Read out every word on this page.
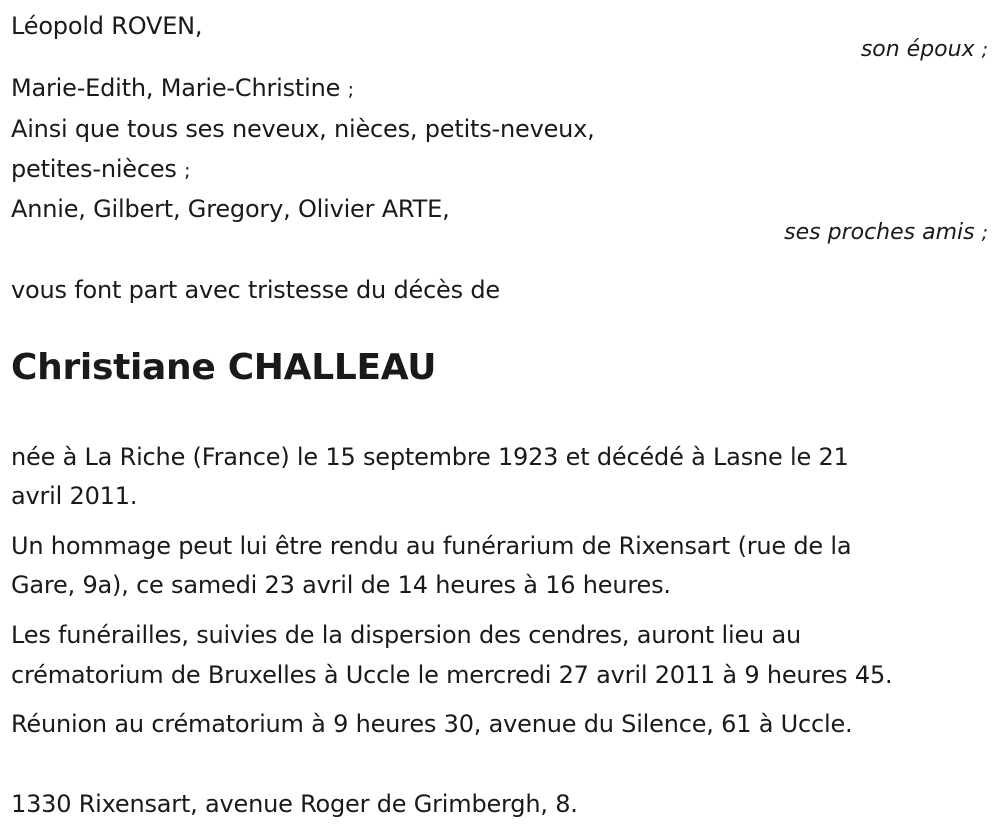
Léopold ROVEN,
son époux ;
Marie-Edith, Marie-Christine ;
Ainsi que tous ses neveux, nièces, petits-neveux,
petites-nièces ;
Annie, Gilbert, Gregory, Olivier ARTE,
ses proches amis ;
vous font part avec tristesse du décès de
Christiane CHALLEAU
née à La Riche (France) le 15 septembre 1923 et décédé à Lasne le 21
avril 2011.
Un hommage peut lui être rendu au funérarium de Rixensart (rue de la
Gare, 9a), ce samedi 23 avril de 14 heures à 16 heures.
Les funérailles, suivies de la dispersion des cendres, auront lieu au
crématorium de Bruxelles à Uccle le mercredi 27 avril 2011 à 9 heures 45.
Réunion au crématorium à 9 heures 30, avenue du Silence, 61 à Uccle.
1330 Rixensart, avenue Roger de Grimbergh, 8.
